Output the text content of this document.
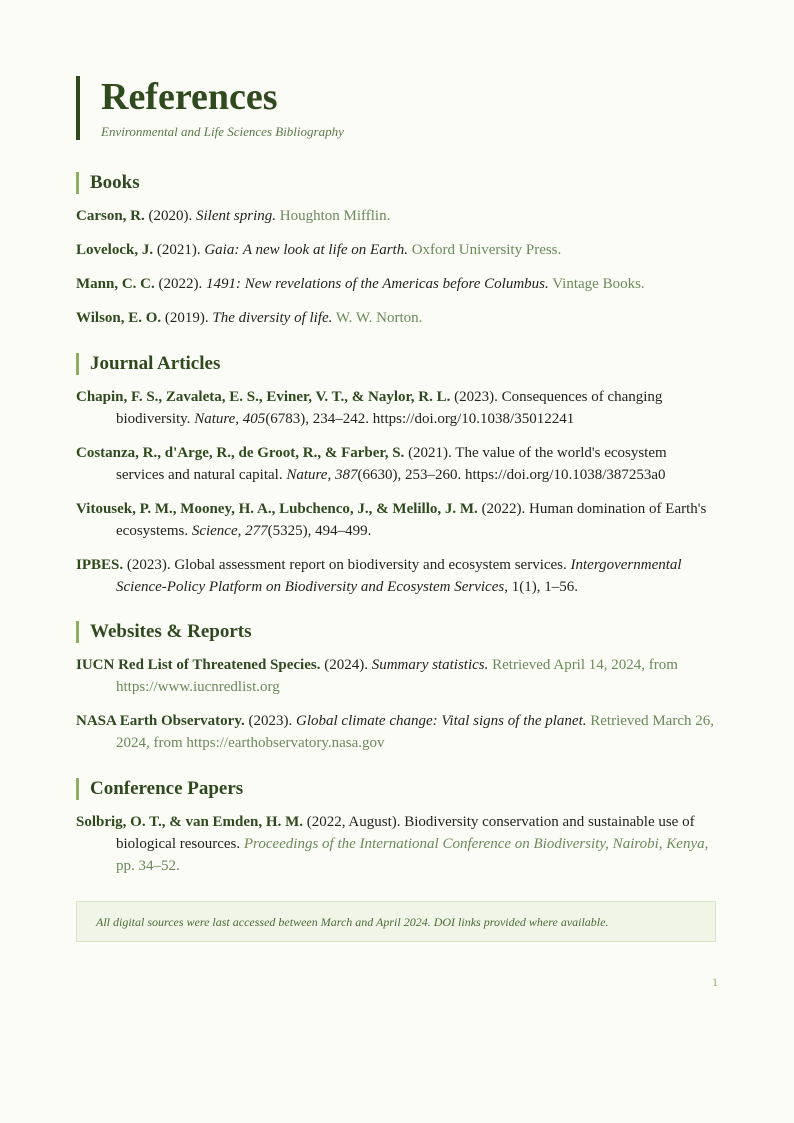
References
Environmental and Life Sciences Bibliography
Books
Carson, R. (2020). Silent spring. Houghton Mifflin.
Lovelock, J. (2021). Gaia: A new look at life on Earth. Oxford University Press.
Mann, C. C. (2022). 1491: New revelations of the Americas before Columbus. Vintage Books.
Wilson, E. O. (2019). The diversity of life. W. W. Norton.
Journal Articles
Chapin, F. S., Zavaleta, E. S., Eviner, V. T., & Naylor, R. L. (2023). Consequences of changing biodiversity. Nature, 405(6783), 234–242. https://doi.org/10.1038/35012241
Costanza, R., d'Arge, R., de Groot, R., & Farber, S. (2021). The value of the world's ecosystem services and natural capital. Nature, 387(6630), 253–260. https://doi.org/10.1038/387253a0
Vitousek, P. M., Mooney, H. A., Lubchenco, J., & Melillo, J. M. (2022). Human domination of Earth's ecosystems. Science, 277(5325), 494–499.
IPBES. (2023). Global assessment report on biodiversity and ecosystem services. Intergovernmental Science-Policy Platform on Biodiversity and Ecosystem Services, 1(1), 1–56.
Websites & Reports
IUCN Red List of Threatened Species. (2024). Summary statistics. Retrieved April 14, 2024, from https://www.iucnredlist.org
NASA Earth Observatory. (2023). Global climate change: Vital signs of the planet. Retrieved March 26, 2024, from https://earthobservatory.nasa.gov
Conference Papers
Solbrig, O. T., & van Emden, H. M. (2022, August). Biodiversity conservation and sustainable use of biological resources. Proceedings of the International Conference on Biodiversity, Nairobi, Kenya, pp. 34–52.
All digital sources were last accessed between March and April 2024. DOI links provided where available.
1
